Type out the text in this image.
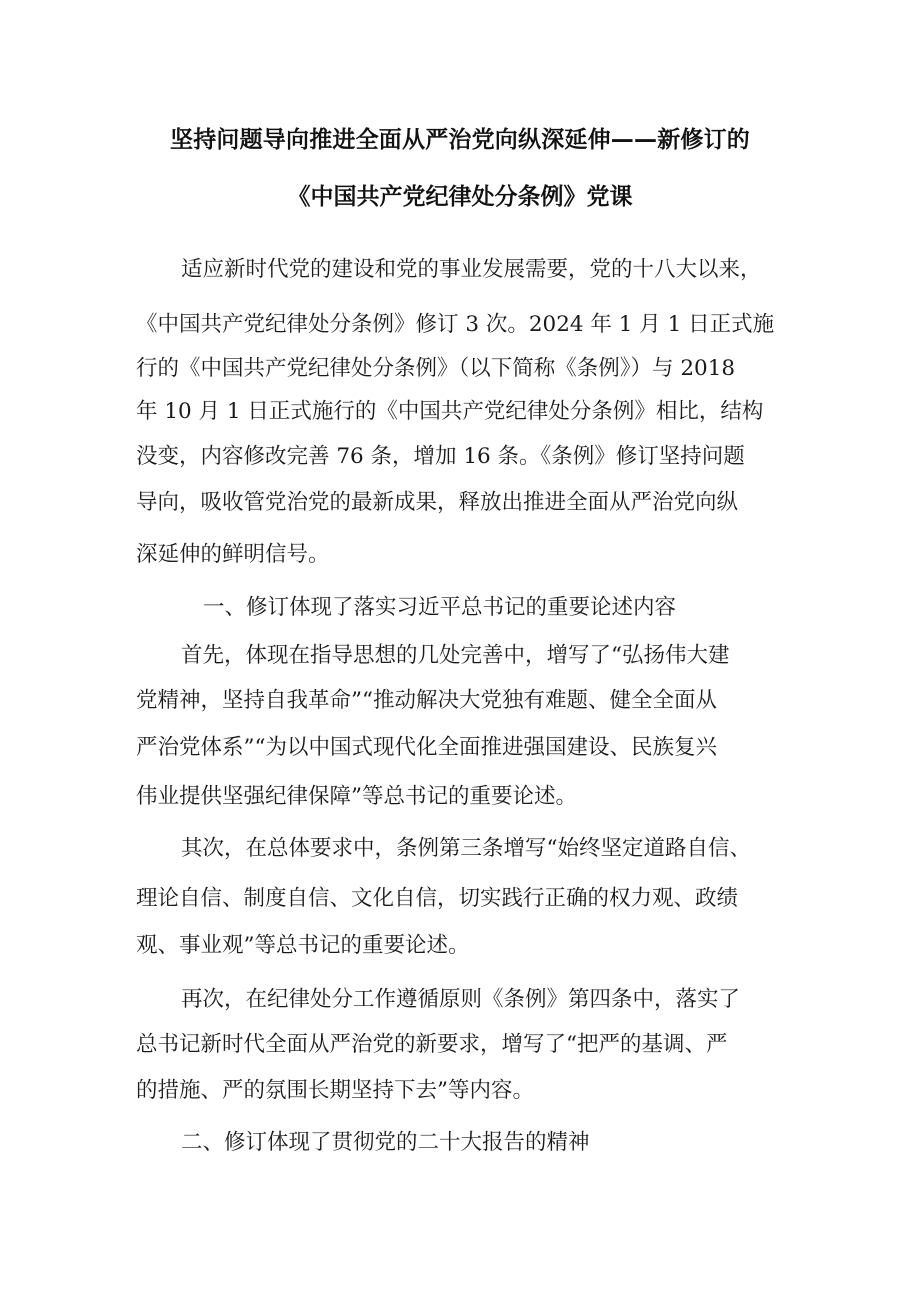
坚持问题导向推进全面从严治党向纵深延伸——新修订的
《中国共产党纪律处分条例》党课
适应新时代党的建设和党的事业发展需要，党的十八大以来，
《中国共产党纪律处分条例》修订 3 次。2024 年 1 月 1 日正式施
行的《中国共产党纪律处分条例》（以下简称《条例》）与 2018
年 10 月 1 日正式施行的《中国共产党纪律处分条例》相比，结构
没变，内容修改完善 76 条，增加 16 条。《条例》修订坚持问题
导向，吸收管党治党的最新成果，释放出推进全面从严治党向纵
深延伸的鲜明信号。
一、修订体现了落实习近平总书记的重要论述内容
首先，体现在指导思想的几处完善中，增写了“弘扬伟大建
党精神，坚持自我革命”“推动解决大党独有难题、健全全面从
严治党体系”“为以中国式现代化全面推进强国建设、民族复兴
伟业提供坚强纪律保障”等总书记的重要论述。
其次，在总体要求中，条例第三条增写“始终坚定道路自信、
理论自信、制度自信、文化自信，切实践行正确的权力观、政绩
观、事业观”等总书记的重要论述。
再次，在纪律处分工作遵循原则《条例》第四条中，落实了
总书记新时代全面从严治党的新要求，增写了“把严的基调、严
的措施、严的氛围长期坚持下去”等内容。
二、修订体现了贯彻党的二十大报告的精神
